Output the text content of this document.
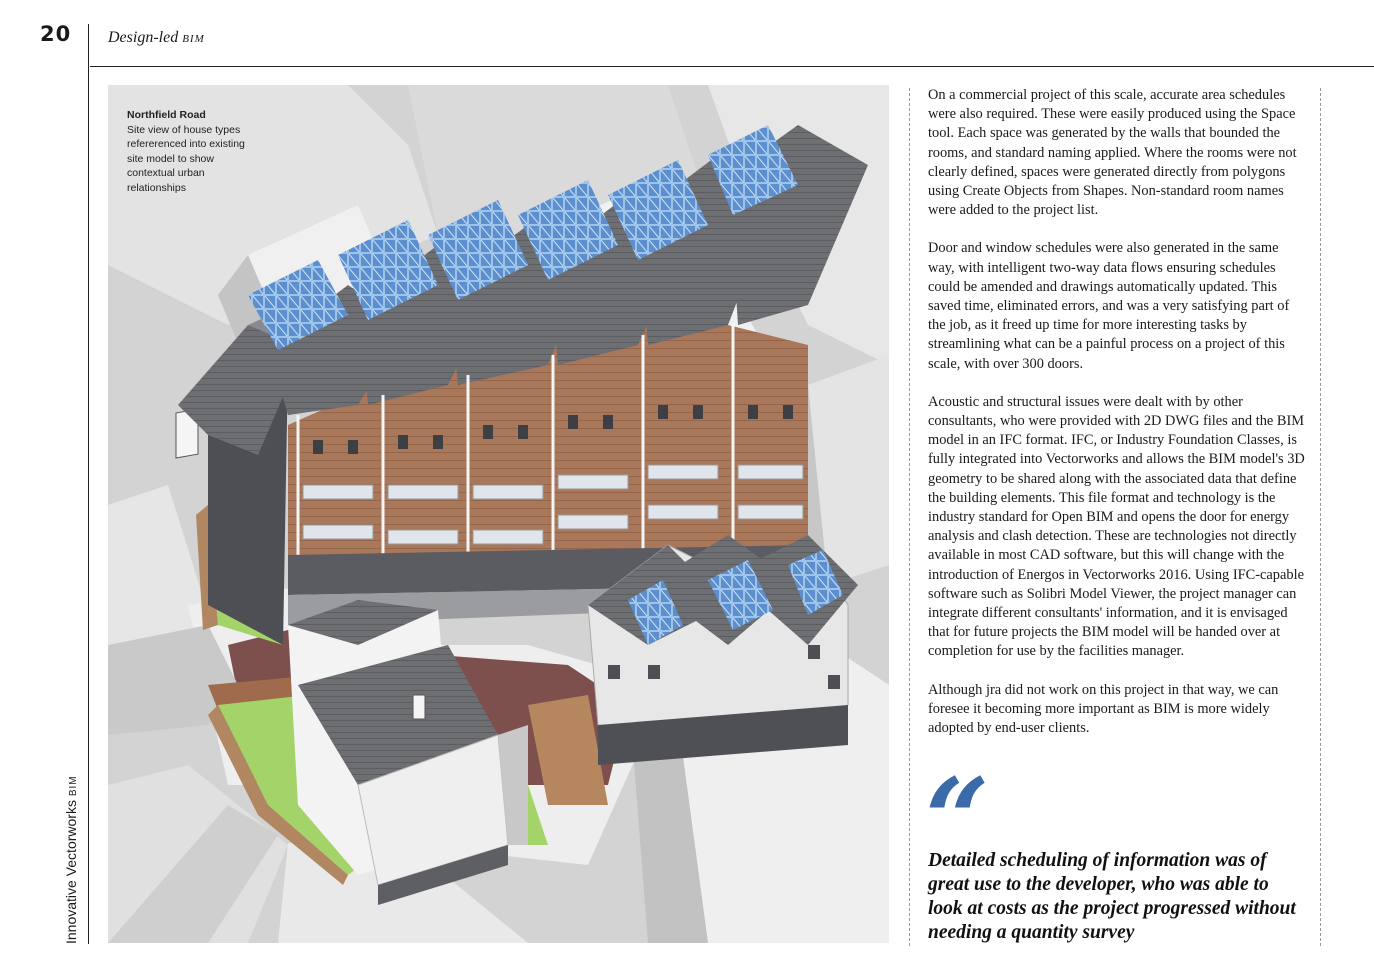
20 Design-led BIM
Innovative Vectorworks BIM
Northfield Road
Site view of house types refererenced into existing site model to show contextual urban relationships

On a commercial project of this scale, accurate area schedules were also required. These were easily produced using the Space tool. Each space was generated by the walls that bounded the rooms, and standard naming applied. Where the rooms were not clearly defined, spaces were generated directly from polygons using Create Objects from Shapes. Non-standard room names were added to the project list.

Door and window schedules were also generated in the same way, with intelligent two-way data flows ensuring schedules could be amended and drawings automatically updated. This saved time, eliminated errors, and was a very satisfying part of the job, as it freed up time for more interesting tasks by streamlining what can be a painful process on a project of this scale, with over 300 doors.

Acoustic and structural issues were dealt with by other consultants, who were provided with 2D DWG files and the BIM model in an IFC format. IFC, or Industry Foundation Classes, is fully integrated into Vectorworks and allows the BIM model's 3D geometry to be shared along with the associated data that define the building elements. This file format and technology is the industry standard for Open BIM and opens the door for energy analysis and clash detection. These are technologies not directly available in most CAD software, but this will change with the introduction of Energos in Vectorworks 2016. Using IFC-capable software such as Solibri Model Viewer, the project manager can integrate different consultants' information, and it is envisaged that for future projects the BIM model will be handed over at completion for use by the facilities manager.

Although jra did not work on this project in that way, we can foresee it becoming more important as BIM is more widely adopted by end-user clients.

“
Detailed scheduling of information was of great use to the developer, who was able to look at costs as the project progressed without needing a quantity survey
